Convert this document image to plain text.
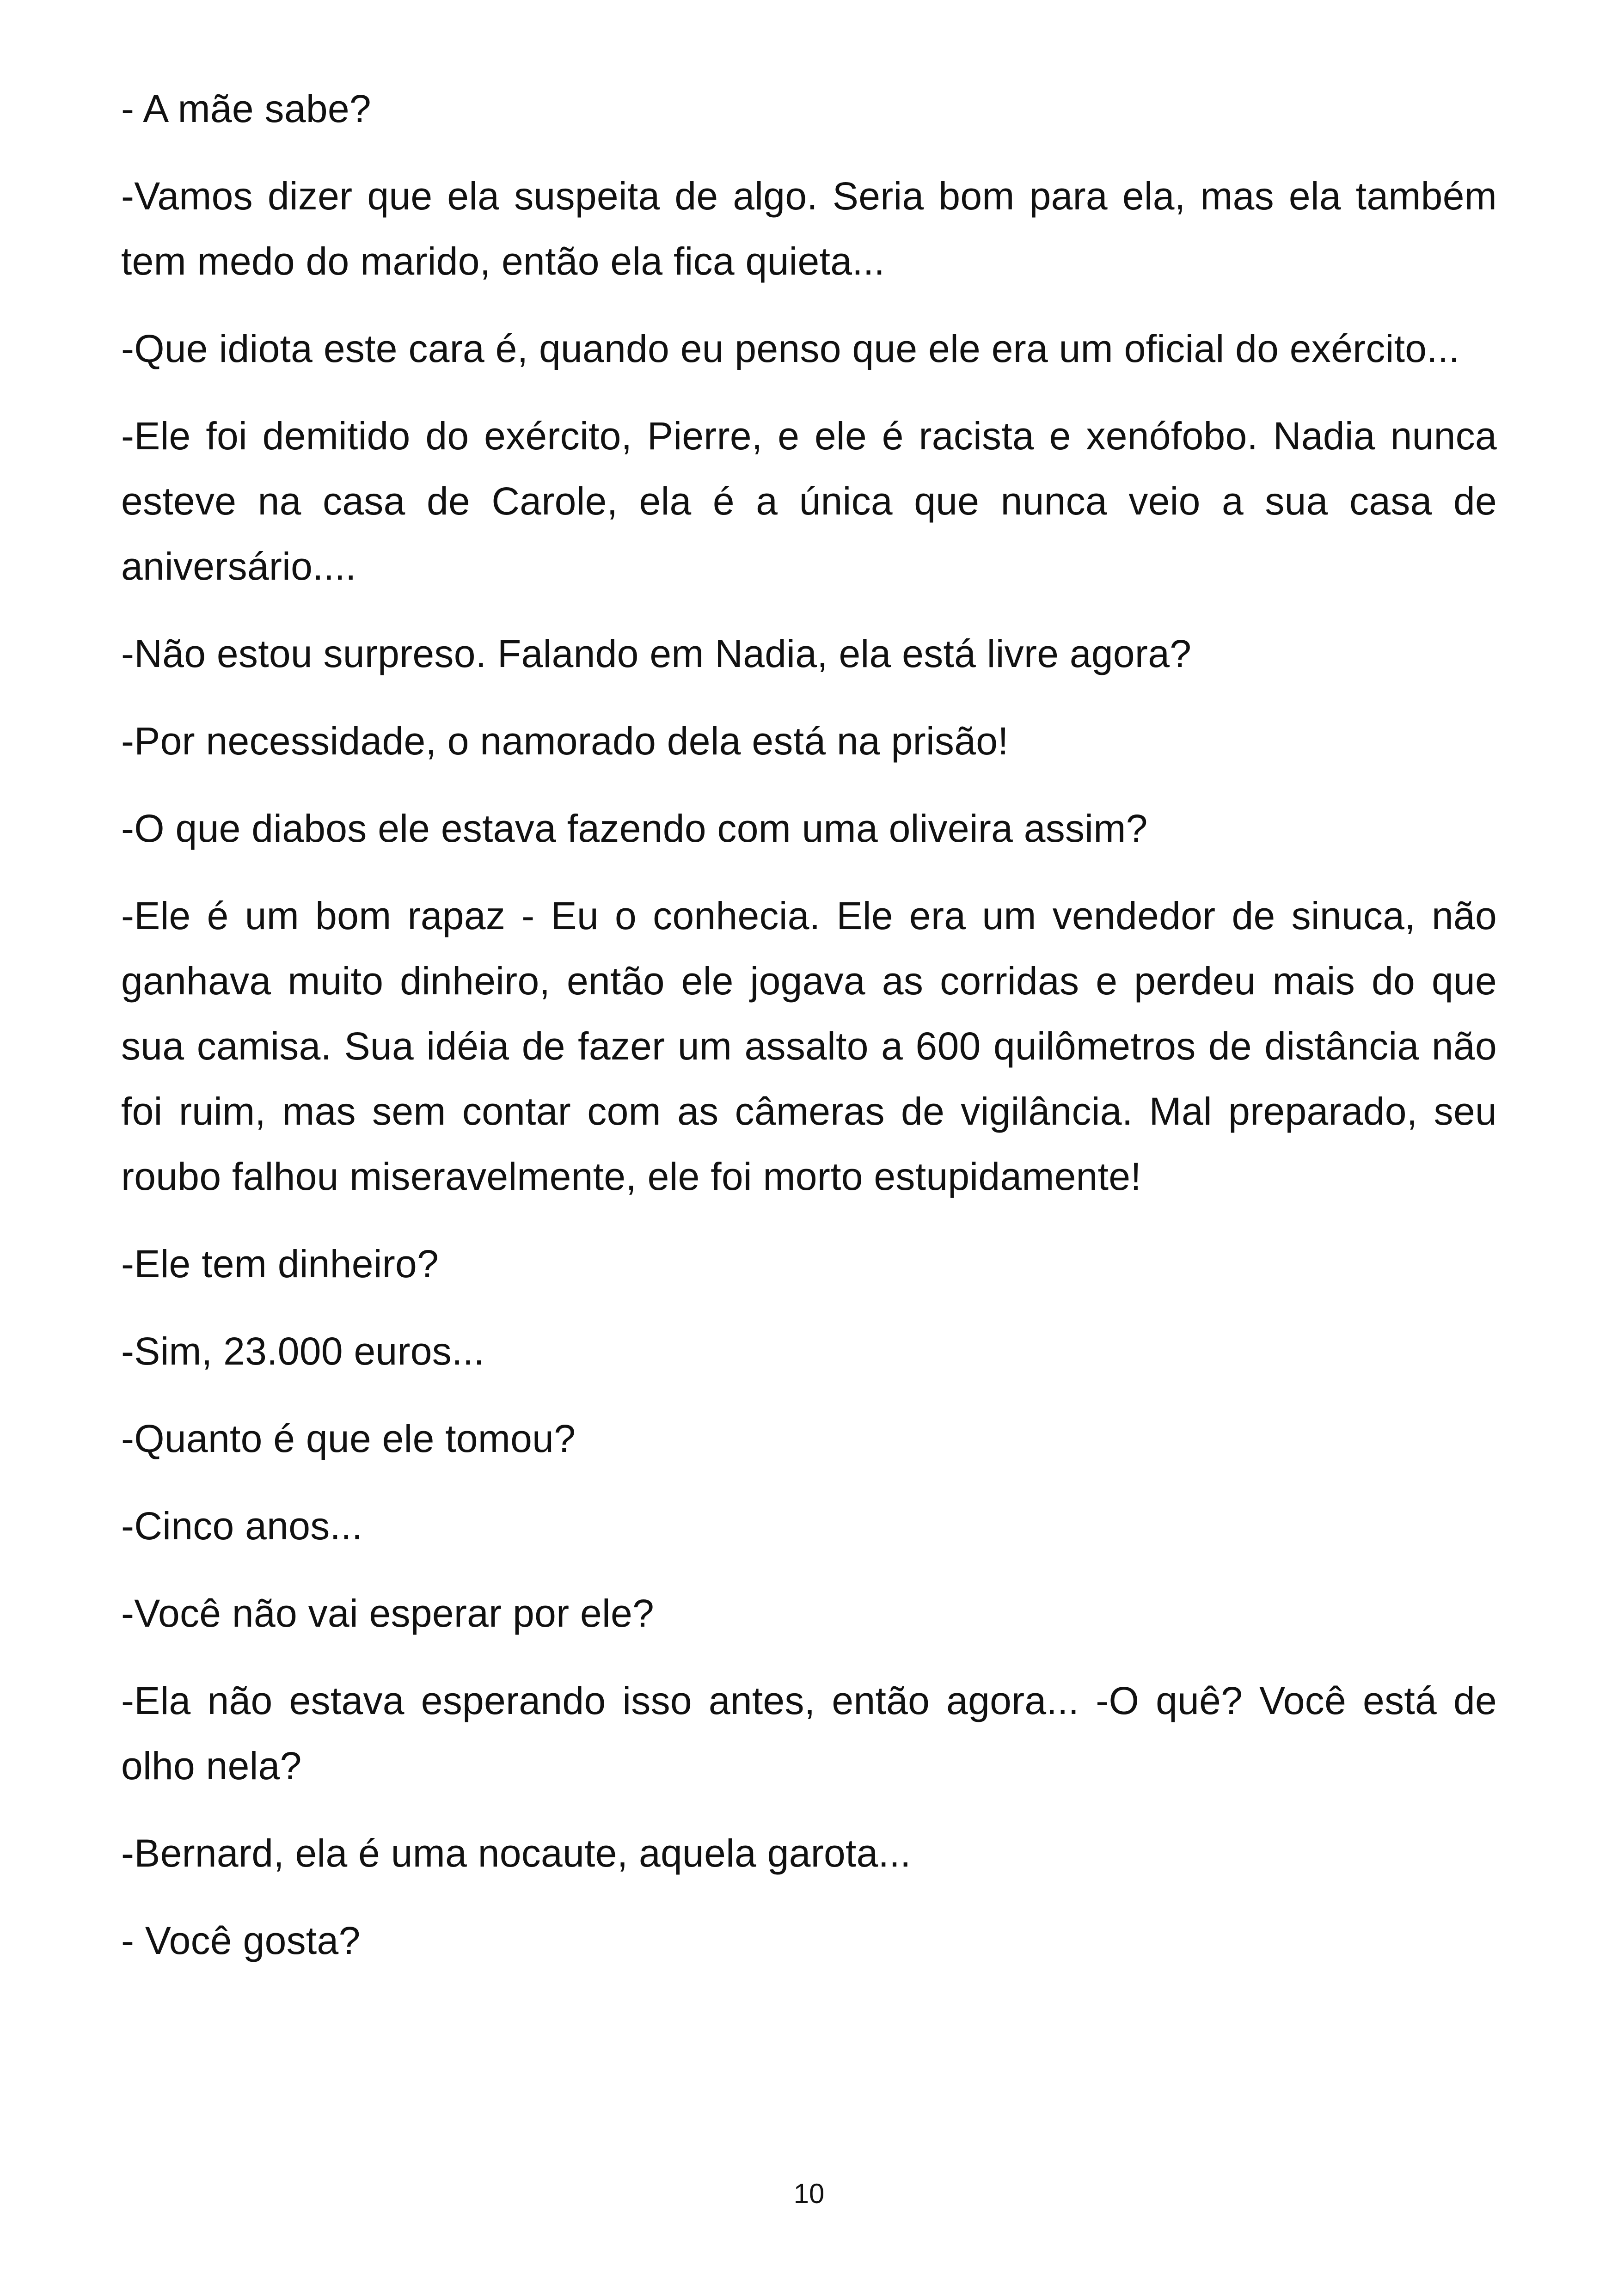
- A mãe sabe?

-Vamos dizer que ela suspeita de algo. Seria bom para ela, mas ela também tem medo do marido, então ela fica quieta...

-Que idiota este cara é, quando eu penso que ele era um oficial do exército...

-Ele foi demitido do exército, Pierre, e ele é racista e xenófobo. Nadia nunca esteve na casa de Carole, ela é a única que nunca veio a sua casa de aniversário....

-Não estou surpreso. Falando em Nadia, ela está livre agora?

-Por necessidade, o namorado dela está na prisão!

-O que diabos ele estava fazendo com uma oliveira assim?

-Ele é um bom rapaz - Eu o conhecia. Ele era um vendedor de sinuca, não ganhava muito dinheiro, então ele jogava as corridas e perdeu mais do que sua camisa. Sua idéia de fazer um assalto a 600 quilômetros de distância não foi ruim, mas sem contar com as câmeras de vigilância. Mal preparado, seu roubo falhou miseravelmente, ele foi morto estupidamente!

-Ele tem dinheiro?

-Sim, 23.000 euros...

-Quanto é que ele tomou?

-Cinco anos...

-Você não vai esperar por ele?

-Ela não estava esperando isso antes, então agora... -O quê? Você está de olho nela?

-Bernard, ela é uma nocaute, aquela garota...

- Você gosta?

10
